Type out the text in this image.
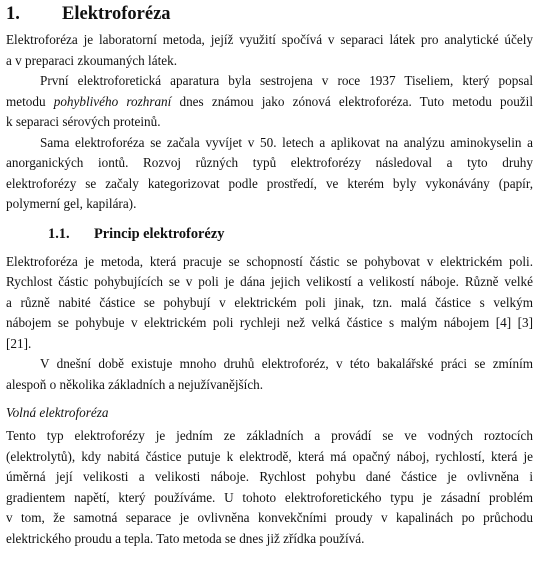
1.	Elektroforéza

Elektroforéza je laboratorní metoda, jejíž využití spočívá v separaci látek pro analytické účely
a v preparaci zkoumaných látek.

První elektroforetická aparatura byla sestrojena v roce 1937 Tiseliem, který popsal
metodu pohyblivého rozhraní dnes známou jako zónová elektroforéza. Tuto metodu použil
k separaci sérových proteinů.

Sama elektroforéza se začala vyvíjet v 50. letech a aplikovat na analýzu aminokyselin a
anorganických iontů. Rozvoj různých typů elektroforézy následoval a tyto druhy
elektroforézy se začaly kategorizovat podle prostředí, ve kterém byly vykonávány (papír,
polymerní gel, kapilára).

1.1.	Princip elektroforézy

Elektroforéza je metoda, která pracuje se schopností částic se pohybovat v elektrickém poli.
Rychlost částic pohybujících se v poli je dána jejich velikostí a velikostí náboje. Různě velké
a různě nabité částice se pohybují v elektrickém poli jinak, tzn. malá částice s velkým
nábojem se pohybuje v elektrickém poli rychleji než velká částice s malým nábojem [4] [3]
[21].

V dnešní době existuje mnoho druhů elektroforéz, v této bakalářské práci se zmíním
alespoň o několika základních a nejužívanějších.

Volná elektroforéza

Tento typ elektroforézy je jedním ze základních a provádí se ve vodných roztocích
(elektrolytů), kdy nabitá částice putuje k elektrodě, která má opačný náboj, rychlostí, která je
úměrná její velikosti a velikosti náboje. Rychlost pohybu dané částice je ovlivněna i
gradientem napětí, který používáme. U tohoto elektroforetického typu je zásadní problém
v tom, že samotná separace je ovlivněna konvekčními proudy v kapalinách po průchodu
elektrického proudu a tepla. Tato metoda se dnes již zřídka používá.
